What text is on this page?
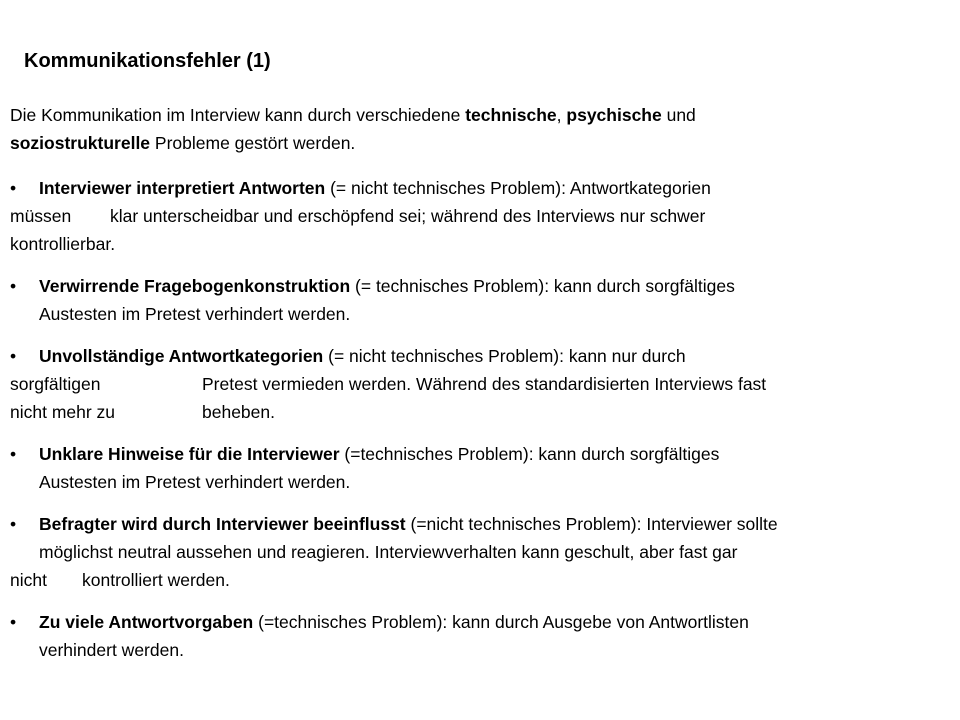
Kommunikationsfehler (1)
Die Kommunikation im Interview kann durch verschiedene technische, psychische und
soziostrukturelle Probleme gestört werden.
• Interviewer interpretiert Antworten (= nicht technisches Problem): Antwortkategorien
müssen klar unterscheidbar und erschöpfend sei; während des Interviews nur schwer
kontrollierbar.
• Verwirrende Fragebogenkonstruktion (= technisches Problem): kann durch sorgfältiges
Austesten im Pretest verhindert werden.
• Unvollständige Antwortkategorien (= nicht technisches Problem): kann nur durch
sorgfältigen	Pretest vermieden werden. Während des standardisierten Interviews fast
nicht mehr zu	beheben.
• Unklare Hinweise für die Interviewer (=technisches Problem): kann durch sorgfältiges
Austesten im Pretest verhindert werden.
• Befragter wird durch Interviewer beeinflusst (=nicht technisches Problem): Interviewer sollte
möglichst neutral aussehen und reagieren. Interviewverhalten kann geschult, aber fast gar
nicht kontrolliert werden.
• Zu viele Antwortvorgaben (=technisches Problem): kann durch Ausgebe von Antwortlisten
verhindert werden.
